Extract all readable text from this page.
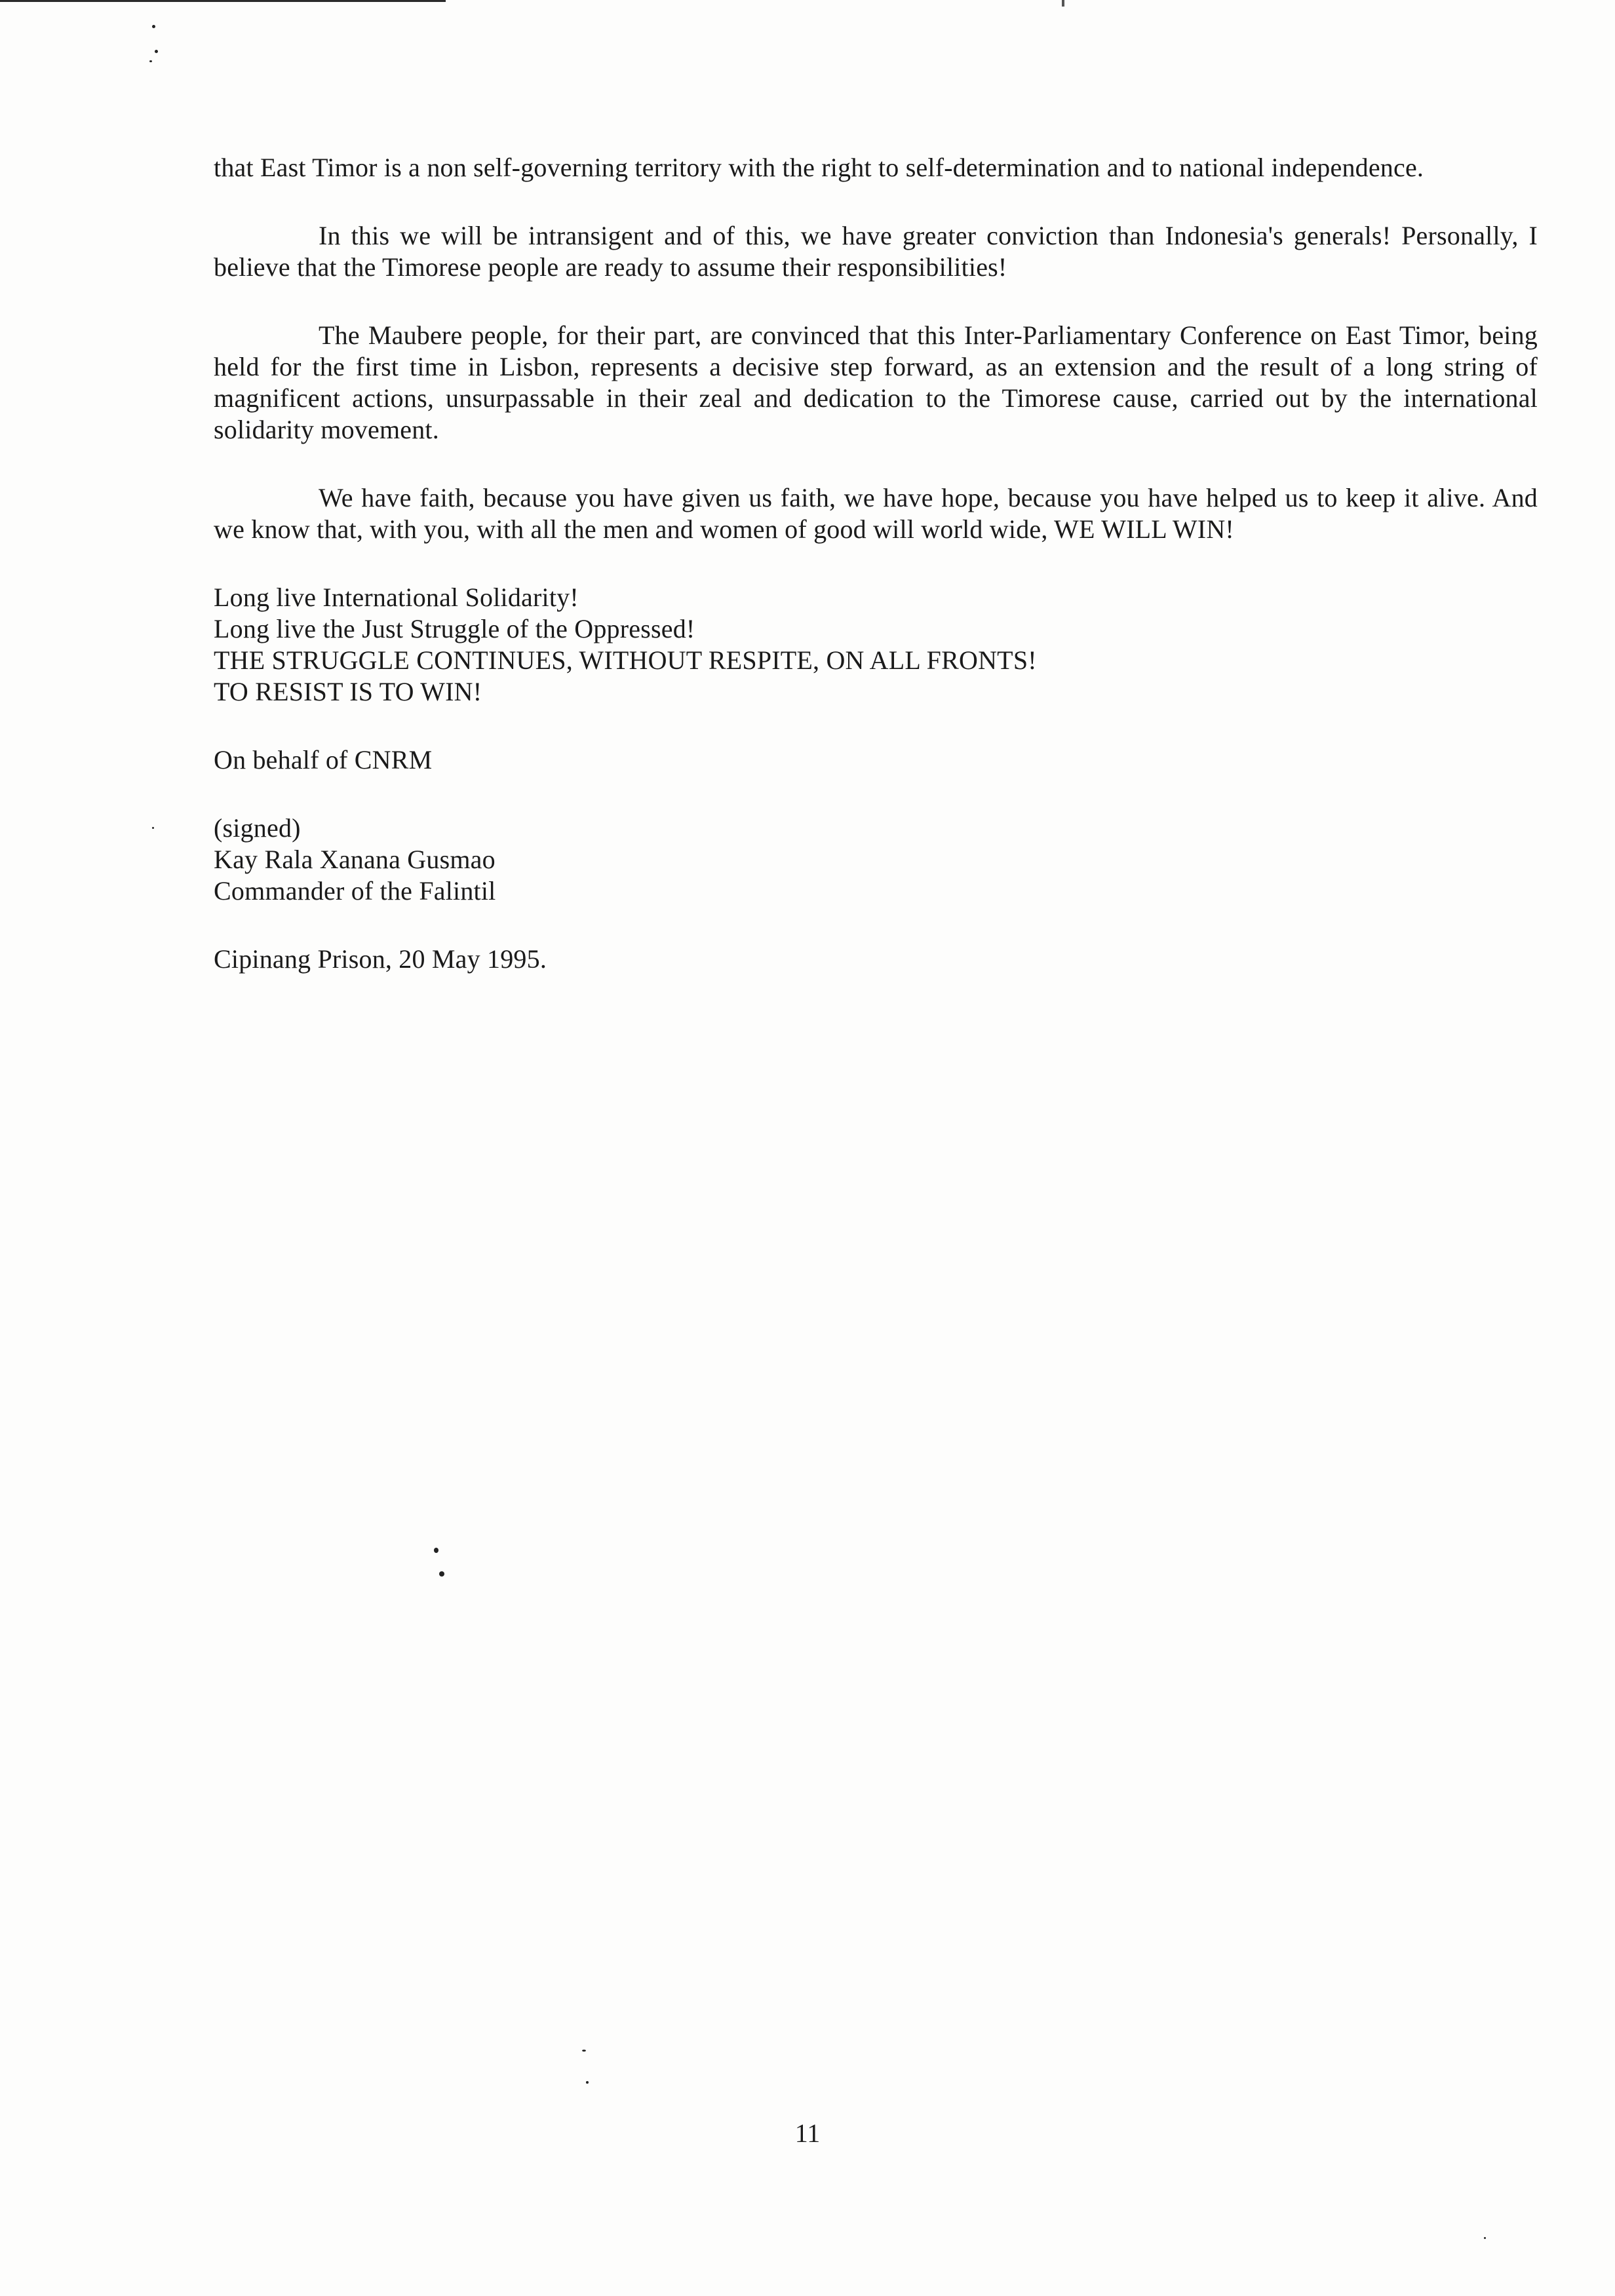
that East Timor is a non self-governing territory with the right to self-determination and to national independence.

In this we will be intransigent and of this, we have greater conviction than Indonesia's generals! Personally, I believe that the Timorese people are ready to assume their responsibilities!

The Maubere people, for their part, are convinced that this Inter-Parliamentary Conference on East Timor, being held for the first time in Lisbon, represents a decisive step forward, as an extension and the result of a long string of magnificent actions, unsurpassable in their zeal and dedication to the Timorese cause, carried out by the international solidarity movement.

We have faith, because you have given us faith, we have hope, because you have helped us to keep it alive. And we know that, with you, with all the men and women of good will world wide, WE WILL WIN!

Long live International Solidarity!
Long live the Just Struggle of the Oppressed!
THE STRUGGLE CONTINUES, WITHOUT RESPITE, ON ALL FRONTS!
TO RESIST IS TO WIN!
On behalf of CNRM
(signed)
Kay Rala Xanana Gusmao
Commander of the Falintil
Cipinang Prison, 20 May 1995.
11
